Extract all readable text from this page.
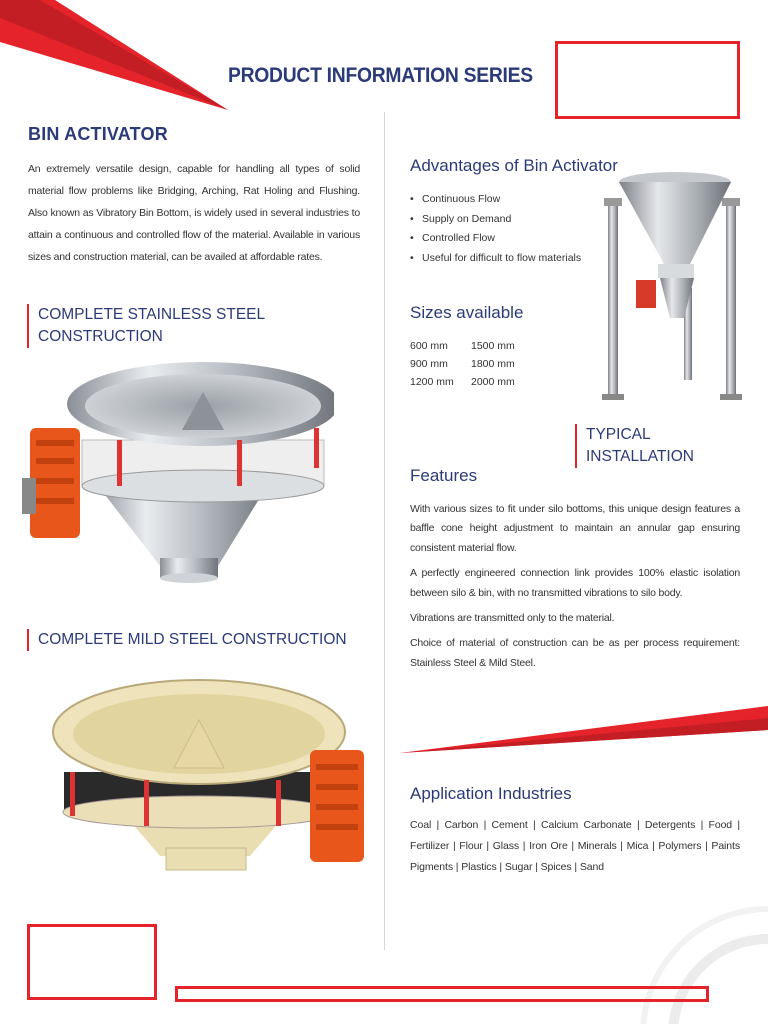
PRODUCT INFORMATION SERIES
BIN ACTIVATOR

An extremely versatile design, capable for handling all types of solid material flow problems like Bridging, Arching, Rat Holing and Flushing. Also known as Vibratory Bin Bottom, is widely used in several industries to attain a continuous and controlled flow of the material. Available in various sizes and construction material, can be availed at affordable rates.

COMPLETE STAINLESS STEEL
CONSTRUCTION
COMPLETE MILD STEEL CONSTRUCTION
Advantages of Bin Activator
• Continuous Flow
• Supply on Demand
• Controlled Flow
• Useful for difficult to flow materials
Sizes available
600 mm	1500 mm
900 mm	1800 mm
1200 mm	2000 mm
TYPICAL INSTALLATION
Features

With various sizes to fit under silo bottoms, this unique design features a baffle cone height adjustment to maintain an annular gap ensuring consistent material flow.

A perfectly engineered connection link provides 100% elastic isolation between silo & bin, with no transmitted vibrations to silo body.

Vibrations are transmitted only to the material.

Choice of material of construction can be as per process requirement: Stainless Steel & Mild Steel.

Application Industries

Coal | Carbon | Cement | Calcium Carbonate | Detergents | Food | Fertilizer | Flour | Glass | Iron Ore | Minerals | Mica | Polymers | Paints Pigments | Plastics | Sugar | Spices | Sand
